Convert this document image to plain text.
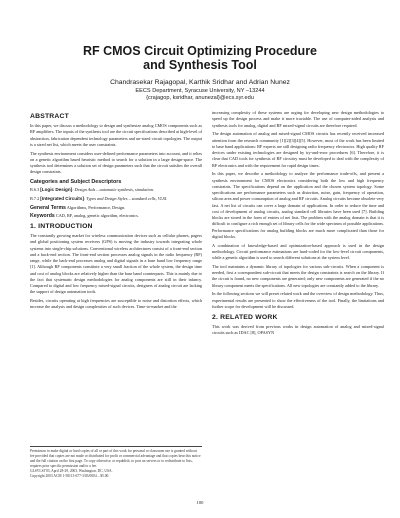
RF CMOS Circuit Optimizing Procedure
and Synthesis Tool
Chandrasekar Rajagopal, Karthik Sridhar and Adrian Nunez
EECS Department, Syracuse University, NY –13244
{crajagop, ksridhar, anunezal}@ecs.syr.edu
ABSTRACT

In this paper, we discuss a methodology to design and synthesize analog CMOS components such as RF amplifiers. The inputs of the synthesis tool are the circuit specifications described at high-level of abstraction, fabrication dependent technology parameters and un-sized circuit topologies. The output is a sized net list, which meets the user constraints.

The synthesis environment considers user-defined performance parameters into account, and it relies on a genetic algorithm based heuristic method to search for a solution in a large design-space. The synthesis tool determines a solution set of design parameters such that the circuit satisfies the overall design constraints.

Categories and Subject Descriptors

B.6.3 [Logic Design]: Design Aids – automatic synthesis, simulation.

B.7.2 [Integrated Circuits]: Types and Design Styles – standard cells, VLSI.

General Terms Algorithms, Performance, Design.

Keywords CAD, RF, analog, genetic algorithm, electronics.

1. INTRODUCTION

The constantly growing market for wireless communication devices such as cellular phones, pagers and global positioning system receivers (GPS) is moving the industry towards integrating whole systems into single-chip solutions. Conventional wireless architectures consist of a front-end section and a back-end section. The front-end section processes analog signals in the radio frequency (RF) range, while the back-end processes analog and digital signals in a base band low frequency range [1]. Although RF components constitute a very small fraction of the whole system, the design time and cost of analog blocks are relatively higher than the base band counterparts. This is mainly due to the fact that systematic design methodologies for analog components are still in their infancy. Compared to digital and low frequency mixed-signal circuits, designers of analog circuit are lacking the support of design automation tools.

Besides, circuits operating at high frequencies are susceptible to noise and distortion effects, which increase the analysis and design complexities of such devices. Time-to-market and the

Permission to make digital or hard copies of all or part of this work for personal or classroom use is granted without fee provided that copies are not made or distributed for profit or commercial advantage and that copies bear this notice and the full citation on the first page. To copy otherwise, or republish, to post on servers or to redistribute to lists, requires prior specific permission and/or a fee.
GLSVLSI’03, April 28-29, 2003, Washington, DC, USA.
Copyright 2003 ACM 1-58113-677-3/03/0004…$5.00.

increasing complexity of these systems are urging for developing new design methodologies to speed up the design process and make it more tractable. The use of computer-aided analysis and synthesis tools for analog, digital and RF mixed-signal circuits are therefore required.

The design automation of analog and mixed-signal CMOS circuits has recently received increased attention from the research community [1][2][3][4][5]. However, most of the work has been limited to base band applications: RF experts are still designing radio frequency electronics. High quality RF devices under existing technologies are designed by try-and-error procedures [6]. Therefore, it is clear that CAD tools for synthesis of RF circuitry must be developed to deal with the complexity of RF electronics and with the requirement for rapid design times.

In this paper, we describe a methodology to analyze the performance trade-offs, and present a synthesis environment for CMOS electronics considering both the low and high frequency constraints. The specifications depend on the application and the chosen system topology. Some specifications are performance parameters such as distortion, noise, gain, frequency of operation, silicon area and power consumption of analog and RF circuits. Analog circuits become obsolete very fast. A net list of circuits can cover a large domain of applications. In order to reduce the time and cost of development of analog circuits, analog standard cell libraries have been used [7]. Building blocks are stored in the form of entries of net lists. The problem with the analog domain is that it is difficult to configure a rich enough set of library cells for the wide spectrum of possible applications. Performance specifications for analog building blocks are much more complicated than those for digital blocks.

A combination of knowledge-based and optimization-based approach is used in the design methodology. Circuit performance estimations are hard-coded for the low-level circuit components, while a genetic algorithm is used to search different solutions at the system level.

The tool maintains a dynamic library of topologies for various sub-circuits. When a component is needed, first a correspondent sub-circuit that meets the design constraints is search on the library. If the circuit is found, no new components are generated; only new components are generated if the no library component meets the specifications. All new topologies are constantly added to the library.

In the following sections we will preset related work and the overview of design methodology. Thus, experimental results are presented to show the effectiveness of the tool. Finally, the limitations and further scope for development will be discussed.

2. RELATED WORK

This work was derived from previous works in design automation of analog and mixed-signal circuits such as IDAC [8], OPASYN

100
